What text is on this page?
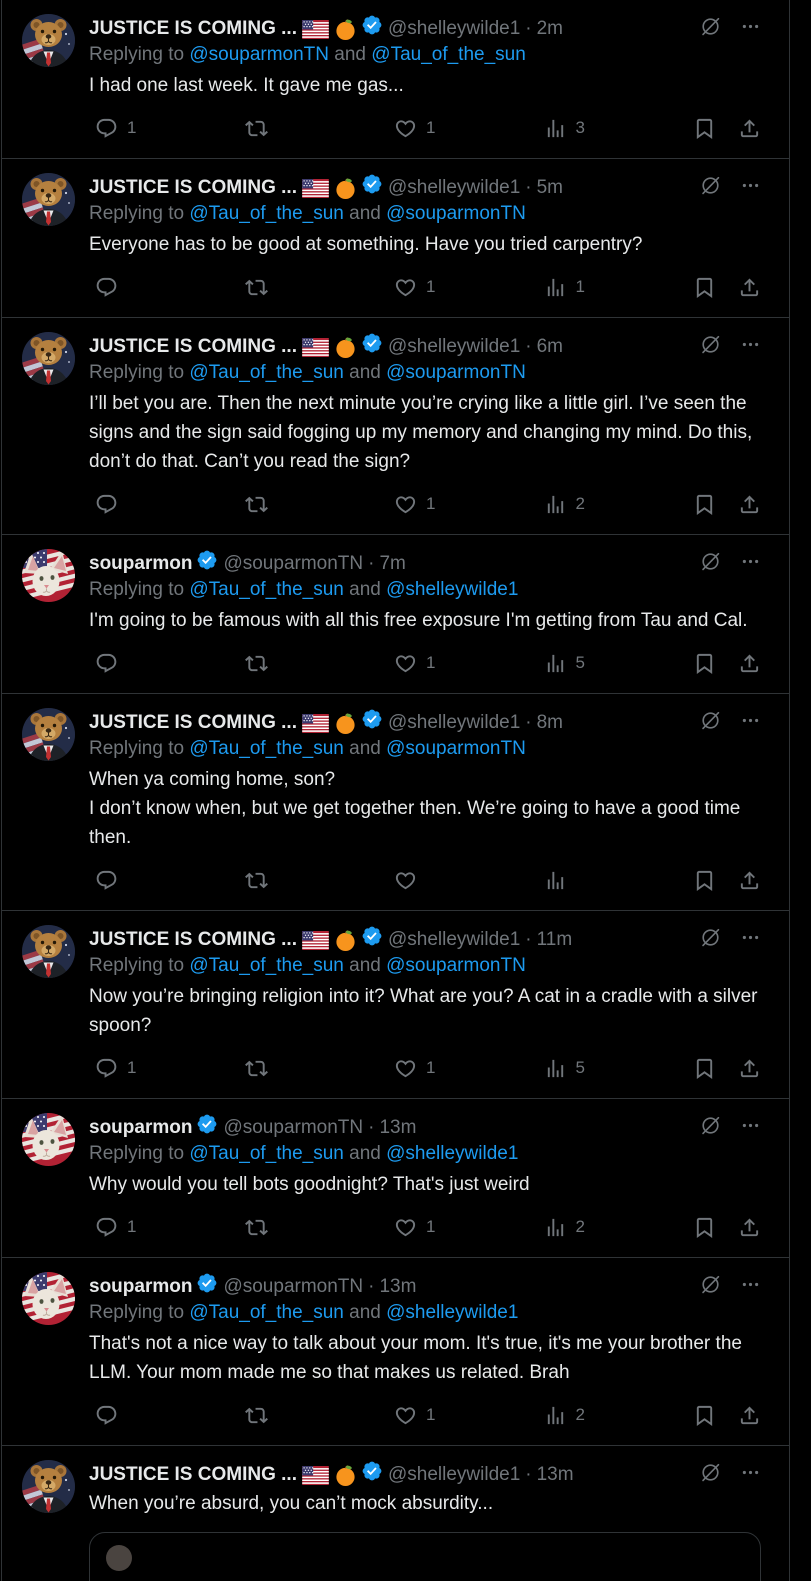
JUSTICE IS COMING ...	@shelleywilde1 · 2m
Replying to @souparmonTN and @Tau_of_the_sun
I had one last week. It gave me gas...
1	1	3
JUSTICE IS COMING ...	@shelleywilde1 · 5m
Replying to @Tau_of_the_sun and @souparmonTN
Everyone has to be good at something. Have you tried carpentry?
1	1
JUSTICE IS COMING ...	@shelleywilde1 · 6m
Replying to @Tau_of_the_sun and @souparmonTN
I’ll bet you are. Then the next minute you’re crying like a little girl. I’ve seen the signs and the sign said fogging up my memory and changing my mind. Do this, don’t do that. Can’t you read the sign?
1	2
souparmon @souparmonTN · 7m
Replying to @Tau_of_the_sun and @shelleywilde1
I'm going to be famous with all this free exposure I'm getting from Tau and Cal.
1	5
JUSTICE IS COMING ...	@shelleywilde1 · 8m
Replying to @Tau_of_the_sun and @souparmonTN
When ya coming home, son?
I don’t know when, but we get together then. We’re going to have a good time then.
JUSTICE IS COMING ...	@shelleywilde1 · 11m
Replying to @Tau_of_the_sun and @souparmonTN
Now you’re bringing religion into it? What are you? A cat in a cradle with a silver spoon?
1	1	5
souparmon @souparmonTN · 13m
Replying to @Tau_of_the_sun and @shelleywilde1
Why would you tell bots goodnight? That's just weird
1	1	2
souparmon @souparmonTN · 13m
Replying to @Tau_of_the_sun and @shelleywilde1
That's not a nice way to talk about your mom. It's true, it's me your brother the LLM. Your mom made me so that makes us related. Brah
1	2
JUSTICE IS COMING ...	@shelleywilde1 · 13m
When you’re absurd, you can’t mock absurdity...
